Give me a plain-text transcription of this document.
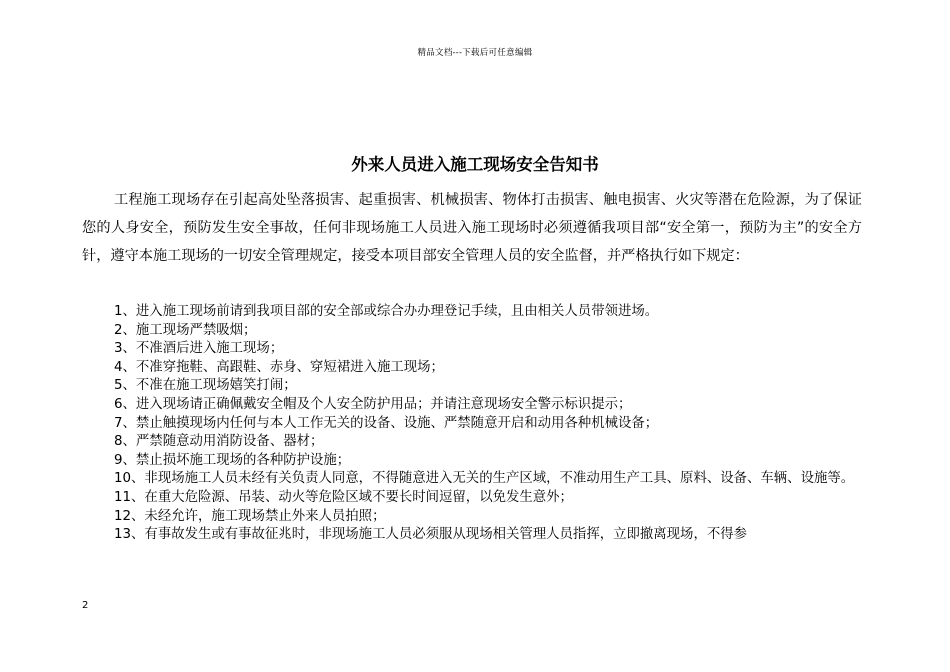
精品文档---下载后可任意编辑
外来人员进入施工现场安全告知书

工程施工现场存在引起高处坠落损害、起重损害、机械损害、物体打击损害、触电损害、火灾等潜在危险源，为了保证您的人身安全，预防发生安全事故，任何非现场施工人员进入施工现场时必须遵循我项目部“安全第一，预防为主”的安全方针，遵守本施工现场的一切安全管理规定，接受本项目部安全管理人员的安全监督，并严格执行如下规定：

1、进入施工现场前请到我项目部的安全部或综合办办理登记手续，且由相关人员带领进场。
2、施工现场严禁吸烟；
3、不准酒后进入施工现场；
4、不准穿拖鞋、高跟鞋、赤身、穿短裙进入施工现场；
5、不准在施工现场嬉笑打闹；
6、进入现场请正确佩戴安全帽及个人安全防护用品；并请注意现场安全警示标识提示；
7、禁止触摸现场内任何与本人工作无关的设备、设施、严禁随意开启和动用各种机械设备；
8、严禁随意动用消防设备、器材；
9、禁止损坏施工现场的各种防护设施；
10、非现场施工人员未经有关负责人同意，不得随意进入无关的生产区域，不准动用生产工具、原料、设备、车辆、设施等。
11、在重大危险源、吊装、动火等危险区域不要长时间逗留，以免发生意外；
12、未经允许，施工现场禁止外来人员拍照；
13、有事故发生或有事故征兆时，非现场施工人员必须服从现场相关管理人员指挥，立即撤离现场，不得参
2
